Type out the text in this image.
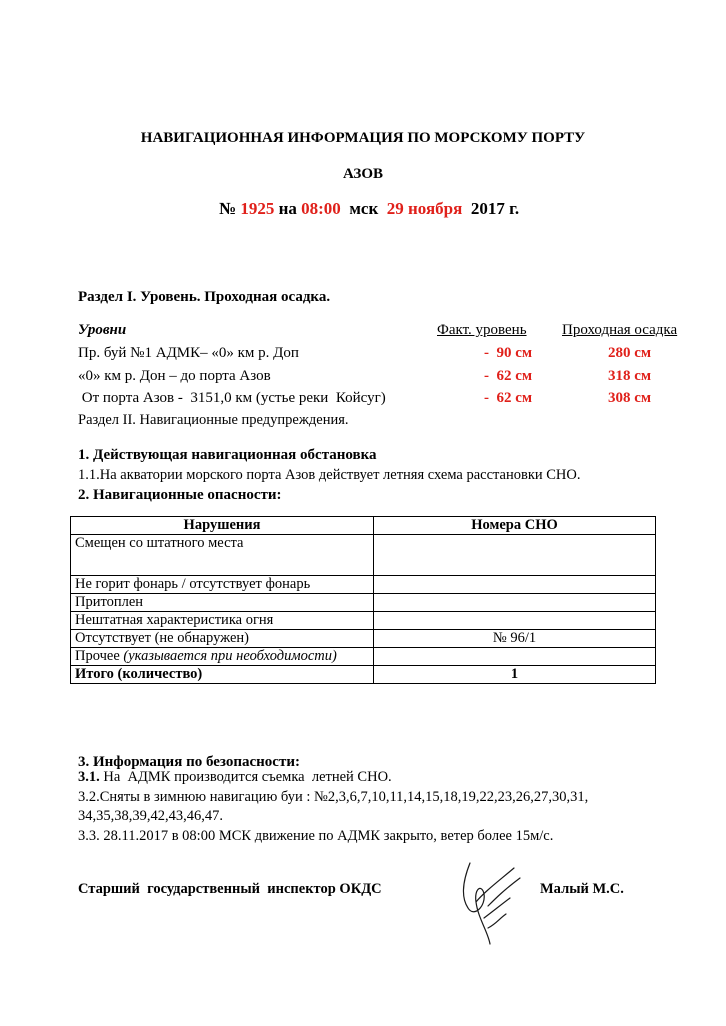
НАВИГАЦИОННАЯ ИНФОРМАЦИЯ ПО МОРСКОМУ ПОРТУ
АЗОВ
№ 1925 на 08:00  мск  29 ноября  2017 г.
Раздел I. Уровень. Проходная осадка.
Уровни	Факт. уровень Проходная осадка
Пр. буй №1 АДМК– «0» км р. Доп	-  90 см	280 см
«0» км р. Дон – до порта Азов	-  62 см	318 см
От порта Азов -  3151,0 км (устье реки  Койсуг)	-  62 см	308 см
Раздел II. Навигационные предупреждения.
1. Действующая навигационная обстановка
1.1.На акватории морского порта Азов действует летняя схема расстановки СНО.
2. Навигационные опасности:
Нарушения	Номера СНО
Смещен со штатного места	
Не горит фонарь / отсутствует фонарь	
Притоплен	
Нештатная характеристика огня	
Отсутствует (не обнаружен)	№ 96/1
Прочее (указывается при необходимости)	
Итого (количество)	1
3. Информация по безопасности:
3.1. На  АДМК производится съемка  летней СНО.
3.2.Сняты в зимнюю навигацию буи : №2,3,6,7,10,11,14,15,18,19,22,23,26,27,30,31,
34,35,38,39,42,43,46,47.
3.3. 28.11.2017 в 08:00 МСК движение по АДМК закрыто, ветер более 15м/с.
Старший  государственный  инспектор ОКДС	Малый М.С.
